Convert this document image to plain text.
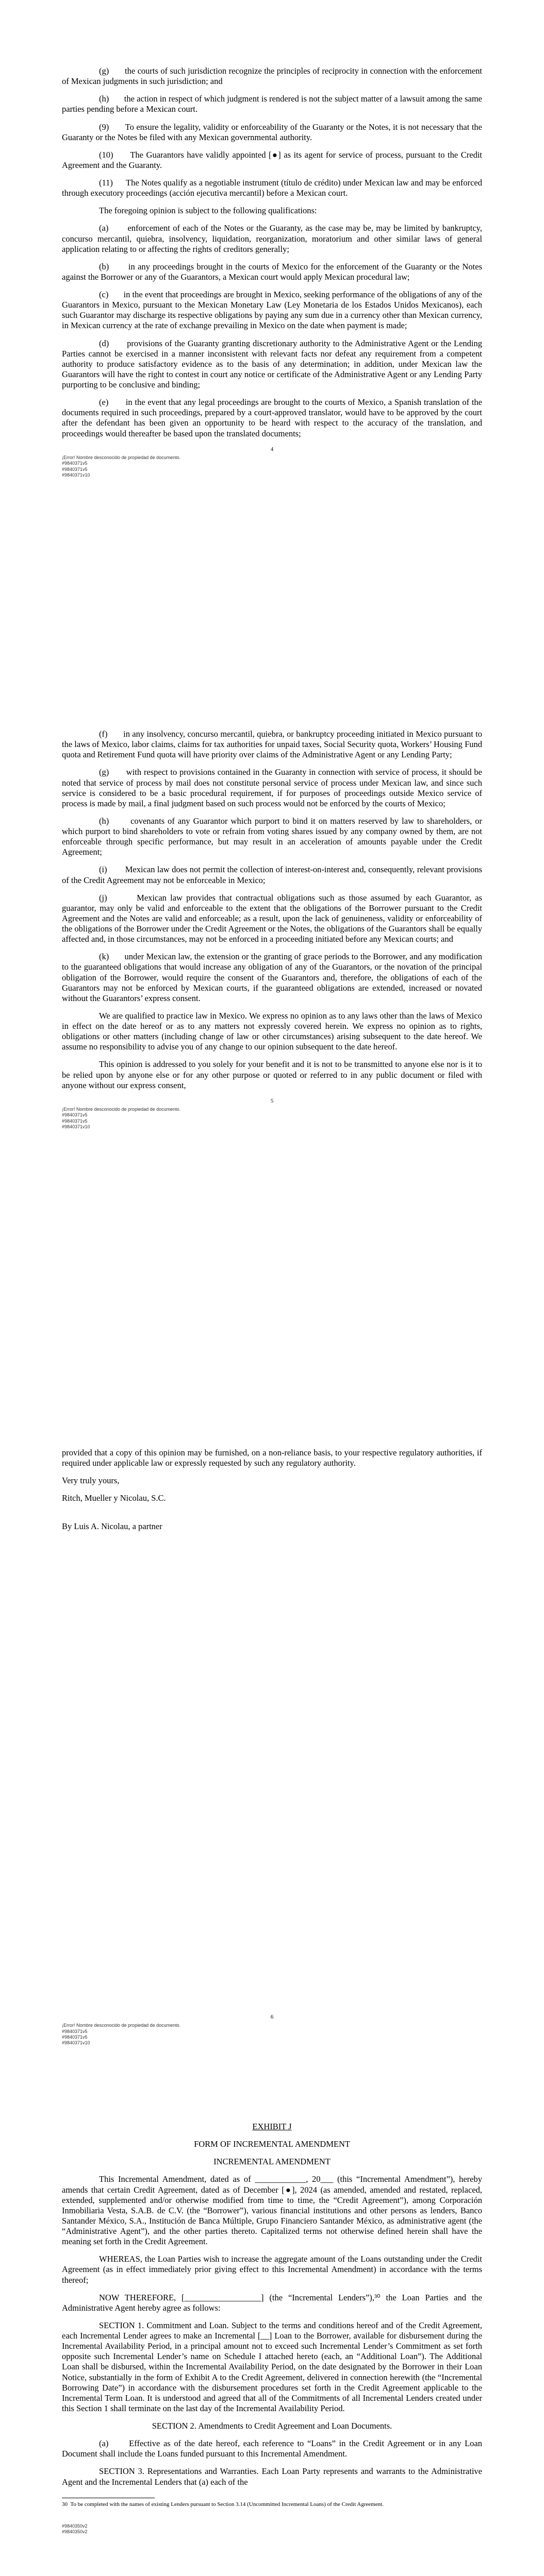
(g)       the courts of such jurisdiction recognize the principles of reciprocity in connection with the enforcement of Mexican judgments in such jurisdiction; and

(h)       the action in respect of which judgment is rendered is not the subject matter of a lawsuit among the same parties pending before a Mexican court.

(9)       To ensure the legality, validity or enforceability of the Guaranty or the Notes, it is not necessary that the Guaranty or the Notes be filed with any Mexican governmental authority.

(10)      The Guarantors have validly appointed [●] as its agent for service of process, pursuant to the Credit Agreement and the Guaranty.

(11)      The Notes qualify as a negotiable instrument (título de crédito) under Mexican law and may be enforced through executory proceedings (acción ejecutiva mercantil) before a Mexican court.

The foregoing opinion is subject to the following qualifications:

(a)       enforcement of each of the Notes or the Guaranty, as the case may be, may be limited by bankruptcy, concurso mercantil, quiebra, insolvency, liquidation, reorganization, moratorium and other similar laws of general application relating to or affecting the rights of creditors generally;

(b)       in any proceedings brought in the courts of Mexico for the enforcement of the Guaranty or the Notes against the Borrower or any of the Guarantors, a Mexican court would apply Mexican procedural law;

(c)       in the event that proceedings are brought in Mexico, seeking performance of the obligations of any of the Guarantors in Mexico, pursuant to the Mexican Monetary Law (Ley Monetaria de los Estados Unidos Mexicanos), each such Guarantor may discharge its respective obligations by paying any sum due in a currency other than Mexican currency, in Mexican currency at the rate of exchange prevailing in Mexico on the date when payment is made;

(d)       provisions of the Guaranty granting discretionary authority to the Administrative Agent or the Lending Parties cannot be exercised in a manner inconsistent with relevant facts nor defeat any requirement from a competent authority to produce satisfactory evidence as to the basis of any determination; in addition, under Mexican law the Guarantors will have the right to contest in court any notice or certificate of the Administrative Agent or any Lending Party purporting to be conclusive and binding;

(e)       in the event that any legal proceedings are brought to the courts of Mexico, a Spanish translation of the documents required in such proceedings, prepared by a court-approved translator, would have to be approved by the court after the defendant has been given an opportunity to be heard with respect to the accuracy of the translation, and proceedings would thereafter be based upon the translated documents;

4

¡Error! Nombre desconocido de propiedad de documento.
#9840371v5
#9840371v5
#9840371v10

(f)       in any insolvency, concurso mercantil, quiebra, or bankruptcy proceeding initiated in Mexico pursuant to the laws of Mexico, labor claims, claims for tax authorities for unpaid taxes, Social Security quota, Workers’ Housing Fund quota and Retirement Fund quota will have priority over claims of the Administrative Agent or any Lending Party;

(g)       with respect to provisions contained in the Guaranty in connection with service of process, it should be noted that service of process by mail does not constitute personal service of process under Mexican law, and since such service is considered to be a basic procedural requirement, if for purposes of proceedings outside Mexico service of process is made by mail, a final judgment based on such process would not be enforced by the courts of Mexico;

(h)       covenants of any Guarantor which purport to bind it on matters reserved by law to shareholders, or which purport to bind shareholders to vote or refrain from voting shares issued by any company owned by them, are not enforceable through specific performance, but may result in an acceleration of amounts payable under the Credit Agreement;

(i)        Mexican law does not permit the collection of interest-on-interest and, consequently, relevant provisions of the Credit Agreement may not be enforceable in Mexico;

(j)        Mexican law provides that contractual obligations such as those assumed by each Guarantor, as guarantor, may only be valid and enforceable to the extent that the obligations of the Borrower pursuant to the Credit Agreement and the Notes are valid and enforceable; as a result, upon the lack of genuineness, validity or enforceability of the obligations of the Borrower under the Credit Agreement or the Notes, the obligations of the Guarantors shall be equally affected and, in those circumstances, may not be enforced in a proceeding initiated before any Mexican courts; and

(k)       under Mexican law, the extension or the granting of grace periods to the Borrower, and any modification to the guaranteed obligations that would increase any obligation of any of the Guarantors, or the novation of the principal obligation of the Borrower, would require the consent of the Guarantors and, therefore, the obligations of each of the Guarantors may not be enforced by Mexican courts, if the guaranteed obligations are extended, increased or novated without the Guarantors’ express consent.

We are qualified to practice law in Mexico. We express no opinion as to any laws other than the laws of Mexico in effect on the date hereof or as to any matters not expressly covered herein. We express no opinion as to rights, obligations or other matters (including change of law or other circumstances) arising subsequent to the date hereof. We assume no responsibility to advise you of any change to our opinion subsequent to the date hereof.

This opinion is addressed to you solely for your benefit and it is not to be transmitted to anyone else nor is it to be relied upon by anyone else or for any other purpose or quoted or referred to in any public document or filed with anyone without our express consent,

5

¡Error! Nombre desconocido de propiedad de documento.
#9840371v5
#9840371v5
#9840371v10

provided that a copy of this opinion may be furnished, on a non-reliance basis, to your respective regulatory authorities, if required under applicable law or expressly requested by such any regulatory authority.

Very truly yours,

Ritch, Mueller y Nicolau, S.C.

By Luis A. Nicolau, a partner

6

¡Error! Nombre desconocido de propiedad de documento.
#9840371v5
#9840371v5
#9840371v10

EXHIBIT J

FORM OF INCREMENTAL AMENDMENT

INCREMENTAL AMENDMENT

This Incremental Amendment, dated as of ____________, 20___ (this “Incremental Amendment”), hereby amends that certain Credit Agreement, dated as of December [●], 2024 (as amended, amended and restated, replaced, extended, supplemented and/or otherwise modified from time to time, the “Credit Agreement”), among Corporación Inmobiliaria Vesta, S.A.B. de C.V. (the “Borrower”), various financial institutions and other persons as lenders, Banco Santander México, S.A., Institución de Banca Múltiple, Grupo Financiero Santander México, as administrative agent (the “Administrative Agent”), and the other parties thereto. Capitalized terms not otherwise defined herein shall have the meaning set forth in the Credit Agreement.

WHEREAS, the Loan Parties wish to increase the aggregate amount of the Loans outstanding under the Credit Agreement (as in effect immediately prior giving effect to this Incremental Amendment) in accordance with the terms thereof;

NOW THEREFORE, [__________________] (the “Incremental Lenders”),³⁰ the Loan Parties and the Administrative Agent hereby agree as follows:

SECTION 1. Commitment and Loan. Subject to the terms and conditions hereof and of the Credit Agreement, each Incremental Lender agrees to make an Incremental [__] Loan to the Borrower, available for disbursement during the Incremental Availability Period, in a principal amount not to exceed such Incremental Lender’s Commitment as set forth opposite such Incremental Lender’s name on Schedule I attached hereto (each, an “Additional Loan”). The Additional Loan shall be disbursed, within the Incremental Availability Period, on the date designated by the Borrower in their Loan Notice, substantially in the form of Exhibit A to the Credit Agreement, delivered in connection herewith (the “Incremental Borrowing Date”) in accordance with the disbursement procedures set forth in the Credit Agreement applicable to the Incremental Term Loan. It is understood and agreed that all of the Commitments of all Incremental Lenders created under this Section 1 shall terminate on the last day of the Incremental Availability Period.

SECTION 2. Amendments to Credit Agreement and Loan Documents.

(a)      Effective as of the date hereof, each reference to “Loans” in the Credit Agreement or in any Loan Document shall include the Loans funded pursuant to this Incremental Amendment.

SECTION 3. Representations and Warranties. Each Loan Party represents and warrants to the Administrative Agent and the Incremental Lenders that (a) each of the

30  To be completed with the names of existing Lenders pursuant to Section 3.14 (Uncommitted Incremental Loans) of the Credit Agreement.

#9840350v2
#9840350v2
